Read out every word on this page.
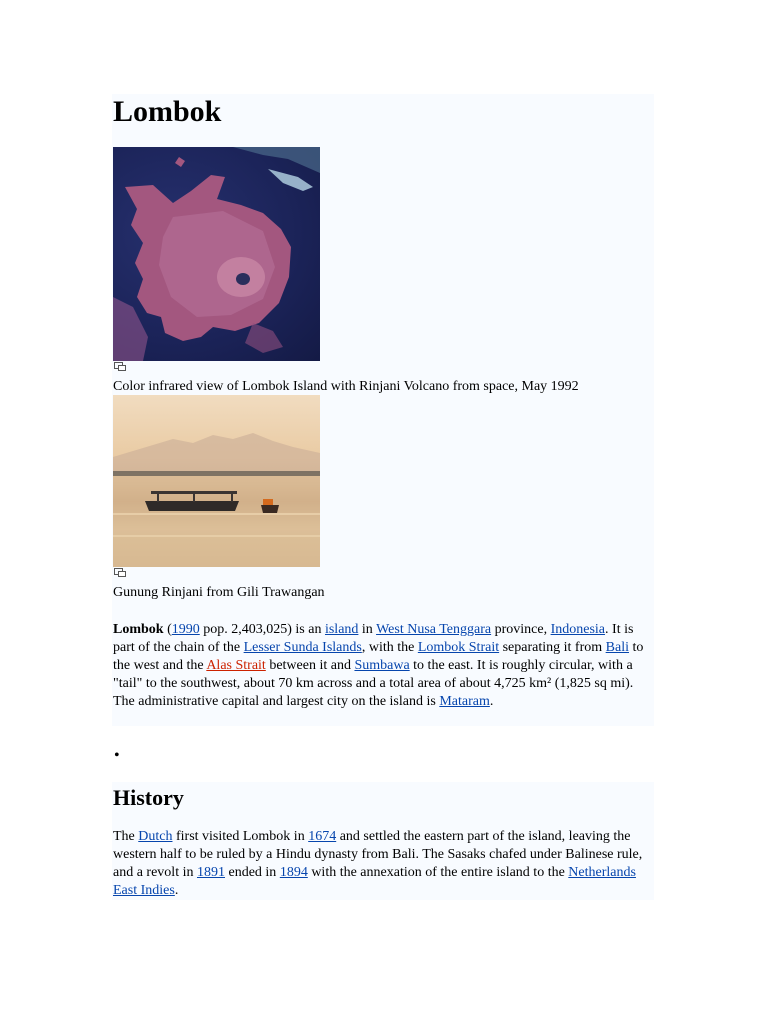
Lombok
Color infrared view of Lombok Island with Rinjani Volcano from space, May 1992
Gunung Rinjani from Gili Trawangan

Lombok (1990 pop. 2,403,025) is an island in West Nusa Tenggara province, Indonesia. It is part of the chain of the Lesser Sunda Islands, with the Lombok Strait separating it from Bali to the west and the Alas Strait between it and Sumbawa to the east. It is roughly circular, with a "tail" to the southwest, about 70 km across and a total area of about 4,725 km² (1,825 sq mi). The administrative capital and largest city on the island is Mataram.

•
History

The Dutch first visited Lombok in 1674 and settled the eastern part of the island, leaving the western half to be ruled by a Hindu dynasty from Bali. The Sasaks chafed under Balinese rule, and a revolt in 1891 ended in 1894 with the annexation of the entire island to the Netherlands East Indies.
